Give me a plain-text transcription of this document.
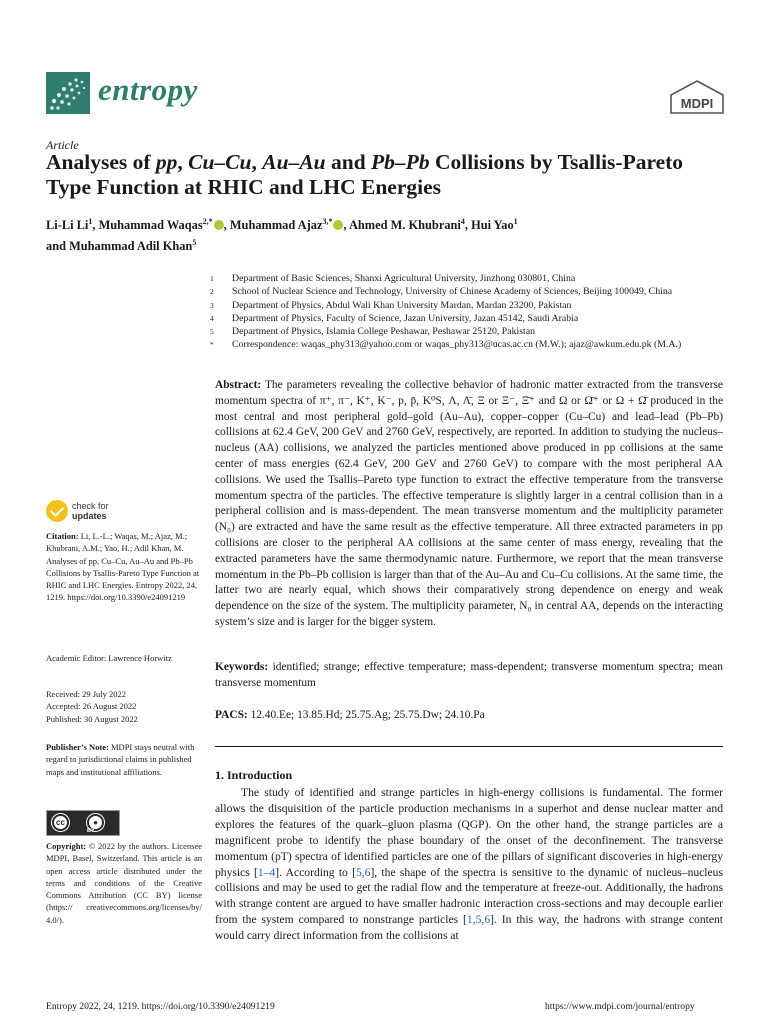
entropy	MDPI
Article
Analyses of pp, Cu–Cu, Au–Au and Pb–Pb Collisions by Tsallis-Pareto Type Function at RHIC and LHC Energies
Li-Li Li$^1$, Muhammad Waqas$^{2,*}$ , Muhammad Ajaz$^{3,*}$ , Ahmed M. Khubrani$^4$, Hui Yao$^1$
and Muhammad Adil Khan$^5$
1	Department of Basic Sciences, Shanxi Agricultural University, Jinzhong 030801, China
2	School of Nuclear Science and Technology, University of Chinese Academy of Sciences, Beijing 100049, China
3	Department of Physics, Abdul Wali Khan University Mardan, Mardan 23200, Pakistan
4	Department of Physics, Faculty of Science, Jazan University, Jazan 45142, Saudi Arabia
5	Department of Physics, Islamia College Peshawar, Peshawar 25120, Pakistan
*	Correspondence: waqas_phy313@yahoo.com or waqas_phy313@ucas.ac.cn (M.W.); ajaz@awkum.edu.pk (M.A.)
Abstract: The parameters revealing the collective behavior of hadronic matter extracted from the transverse momentum spectra of π⁺, π⁻, K⁺, K⁻, p, p̄, K⁰S, Λ, Λ̄, Ξ or Ξ⁻, Ξ̄⁺ and Ω or Ω̄⁺ or Ω + Ω̄ produced in the most central and most peripheral gold–gold (Au–Au), copper–copper (Cu–Cu) and lead–lead (Pb–Pb) collisions at 62.4 GeV, 200 GeV and 2760 GeV, respectively, are reported. In addition to studying the nucleus–nucleus (AA) collisions, we analyzed the particles mentioned above produced in pp collisions at the same center of mass energies (62.4 GeV, 200 GeV and 2760 GeV) to compare with the most peripheral AA collisions. We used the Tsallis–Pareto type function to extract the effective temperature from the transverse momentum spectra of the particles. The effective temperature is slightly larger in a central collision than in a peripheral collision and is mass-dependent. The mean transverse momentum and the multiplicity parameter (N₀) are extracted and have the same result as the effective temperature. All three extracted parameters in pp collisions are closer to the peripheral AA collisions at the same center of mass energy, revealing that the extracted parameters have the same thermodynamic nature. Furthermore, we report that the mean transverse momentum in the Pb–Pb collision is larger than that of the Au–Au and Cu–Cu collisions. At the same time, the latter two are nearly equal, which shows their comparatively strong dependence on energy and weak dependence on the size of the system. The multiplicity parameter, N₀ in central AA, depends on the interacting system’s size and is larger for the bigger system.
Keywords: identified; strange; effective temperature; mass-dependent; transverse momentum spectra; mean transverse momentum
PACS: 12.40.Ee; 13.85.Hd; 25.75.Ag; 25.75.Dw; 24.10.Pa
1. Introduction

The study of identified and strange particles in high-energy collisions is fundamental. The former allows the disquisition of the particle production mechanisms in a superhot and dense nuclear matter and explores the features of the quark–gluon plasma (QGP). On the other hand, the strange particles are a magnificent probe to identify the phase boundary of the onset of the deconfinement. The transverse momentum (pT) spectra of identified particles are one of the pillars of significant discoveries in high-energy physics [1–4]. According to [5,6], the shape of the spectra is sensitive to the dynamic of nucleus–nucleus collisions and may be used to get the radial flow and the temperature at freeze-out. Additionally, the hadrons with strange content are argued to have smaller hadronic interaction cross-sections and may decouple earlier from the system compared to nonstrange particles [1,5,6]. In this way, the hadrons with strange content would carry direct information from the collisions at

check for
updates
Citation: Li, L.-L.; Waqas, M.; Ajaz, M.; Khubrani, A.M.; Yao, H.; Adil Khan, M. Analyses of pp, Cu–Cu, Au–Au and Pb–Pb Collisions by Tsallis-Pareto Type Function at RHIC and LHC Energies. Entropy 2022, 24, 1219. https://doi.org/10.3390/e24091219
Academic Editor: Lawrence Horwitz
Received: 29 July 2022
Accepted: 26 August 2022
Published: 30 August 2022
Publisher’s Note: MDPI stays neutral with regard to jurisdictional claims in published maps and institutional affiliations.
cc	●
BY
Copyright: © 2022 by the authors. Licensee MDPI, Basel, Switzerland. This article is an open access article distributed under the terms and conditions of the Creative Commons Attribution (CC BY) license (https:// creativecommons.org/licenses/by/ 4.0/).
Entropy 2022, 24, 1219. https://doi.org/10.3390/e24091219	https://www.mdpi.com/journal/entropy
